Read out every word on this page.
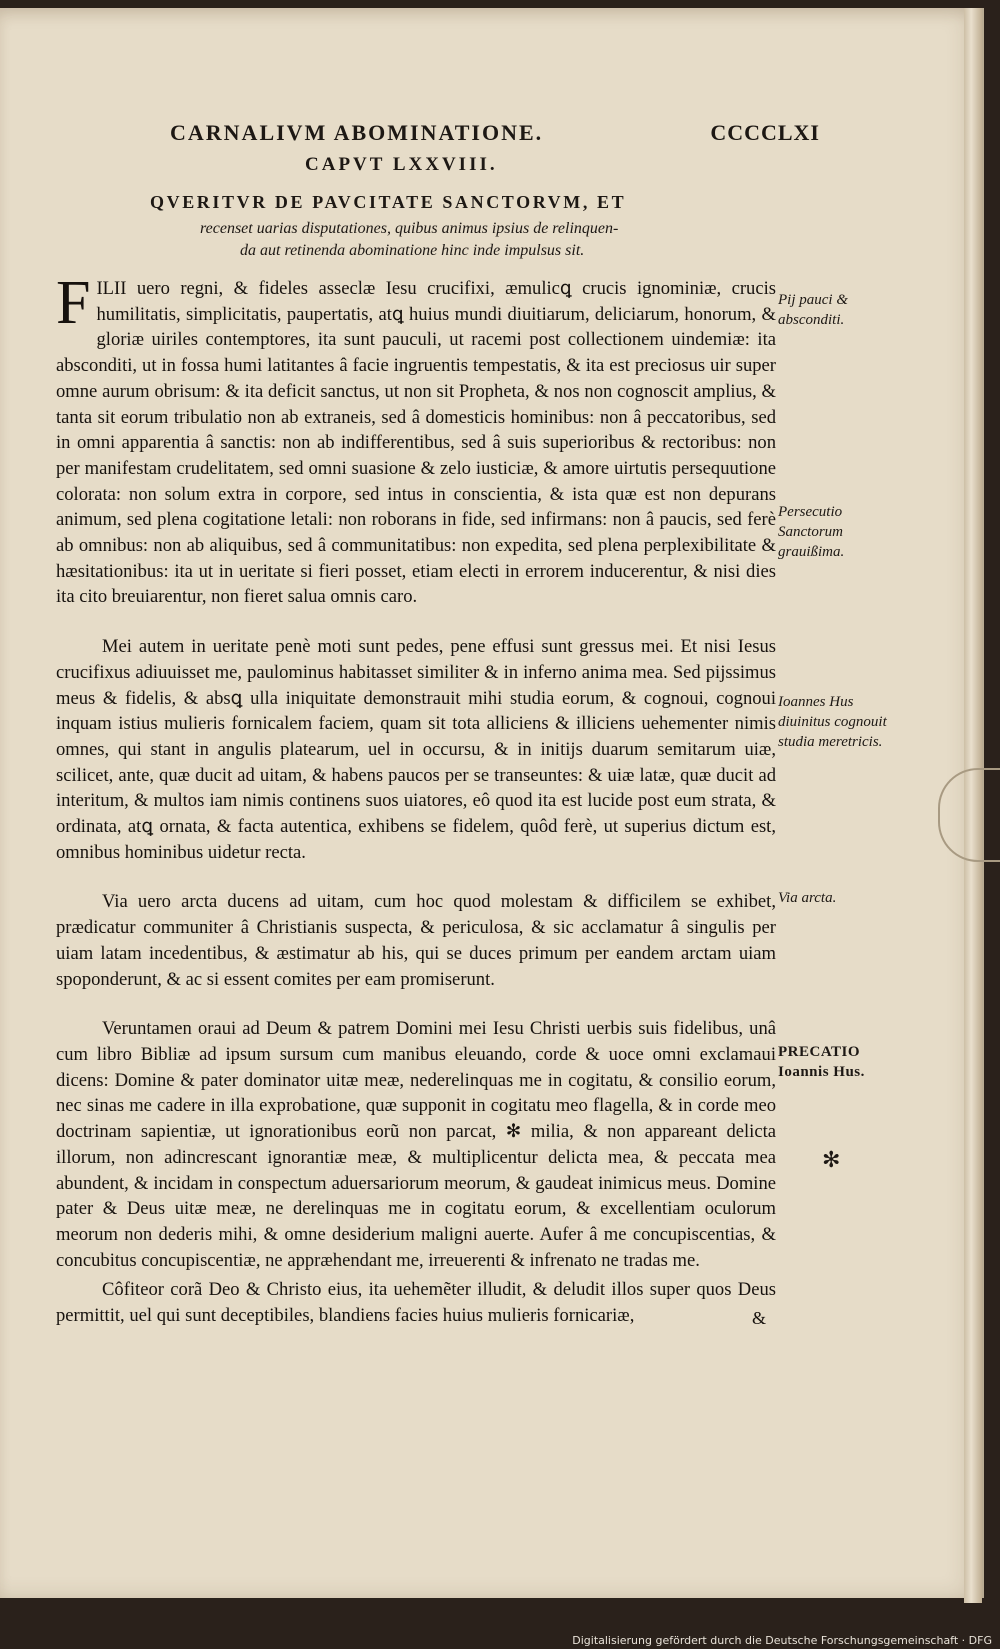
CARNALIVM ABOMINATIONE.	CCCCLXI
CAPVT LXXVIII.
QVERITVR DE PAVCITATE SANCTORVM, ET
recenset uarias disputationes, quibus animus ipsius de relinquen-
da aut retinenda abominatione hinc inde impulsus sit.

FILII uero regni, & fideles asseclæ Iesu crucifixi, æmulicꝗ crucis ignominiæ, crucis humilitatis, simplicitatis, paupertatis, atꝗ huius mundi diuitiarum, deliciarum, honorum, & gloriæ uiriles contemptores, ita sunt pauculi, ut racemi post collectionem uindemiæ: ita absconditi, ut in fossa humi latitantes â facie ingruentis tempestatis, & ita est preciosus uir super omne aurum obrisum: & ita deficit sanctus, ut non sit Propheta, & nos non cognoscit amplius, & tanta sit eorum tribulatio non ab extraneis, sed â domesticis hominibus: non â peccatoribus, sed in omni apparentia â sanctis: non ab indifferentibus, sed â suis superioribus & rectoribus: non per manifestam crudelitatem, sed omni suasione & zelo iusticiæ, & amore uirtutis persequutione colorata: non solum extra in corpore, sed intus in conscientia, & ista quæ est non depurans animum, sed plena cogitatione letali: non roborans in fide, sed infirmans: non â paucis, sed ferè ab omnibus: non ab aliquibus, sed â communitatibus: non expedita, sed plena perplexibilitate & hæsitationibus: ita ut in ueritate si fieri posset, etiam electi in errorem inducerentur, & nisi dies ita cito breuiarentur, non fieret salua omnis caro.

Mei autem in ueritate penè moti sunt pedes, pene effusi sunt gressus mei. Et nisi Iesus crucifixus adiuuisset me, paulominus habitasset similiter & in inferno anima mea. Sed pijssimus meus & fidelis, & absꝗ ulla iniquitate demonstrauit mihi studia eorum, & cognoui, cognoui inquam istius mulieris fornicalem faciem, quam sit tota alliciens & illiciens uehementer nimis omnes, qui stant in angulis platearum, uel in occursu, & in initijs duarum semitarum uiæ, scilicet, ante, quæ ducit ad uitam, & habens paucos per se transeuntes: & uiæ latæ, quæ ducit ad interitum, & multos iam nimis continens suos uiatores, eô quod ita est lucide post eum strata, & ordinata, atꝗ ornata, & facta autentica, exhibens se fidelem, quôd ferè, ut superius dictum est, omnibus hominibus uidetur recta.

Via uero arcta ducens ad uitam, cum hoc quod molestam & difficilem se exhibet, prædicatur communiter â Christianis suspecta, & periculosa, & sic acclamatur â singulis per uiam latam incedentibus, & æstimatur ab his, qui se duces primum per eandem arctam uiam spoponderunt, & ac si essent comites per eam promiserunt.

Veruntamen oraui ad Deum & patrem Domini mei Iesu Christi uerbis suis fidelibus, unâ cum libro Bibliæ ad ipsum sursum cum manibus eleuando, corde & uoce omni exclamaui dicens: Domine & pater dominator uitæ meæ, nederelinquas me in cogitatu, & consilio eorum, nec sinas me cadere in illa exprobatione, quæ supponit in cogitatu meo flagella, & in corde meo doctrinam sapientiæ, ut ignorationibus eorũ non parcat, ✻ milia, & non appareant delicta illorum, non adincrescant ignorantiæ meæ, & multiplicentur delicta mea, & peccata mea abundent, & incidam in conspectum aduersariorum meorum, & gaudeat inimicus meus. Domine pater & Deus uitæ meæ, ne derelinquas me in cogitatu eorum, & excellentiam oculorum meorum non dederis mihi, & omne desiderium maligni auerte. Aufer â me concupiscentias, & concubitus concupiscentiæ, ne appræhendant me, irreuerenti & infrenato ne tradas me.

Côfiteor corã Deo & Christo eius, ita uehemẽter illudit, & deludit illos super quos Deus permittit, uel qui sunt deceptibiles, blandiens facies huius mulieris fornicariæ,	&
Pij pauci & absconditi.
Persecutio Sanctorum grauißima.
Ioannes Hus diuinitus cognouit studia meretricis.
Via arcta.
PRECATIO Ioannis Hus.
✻
Digitalisierung gefördert durch die Deutsche Forschungsgemeinschaft · DFG
